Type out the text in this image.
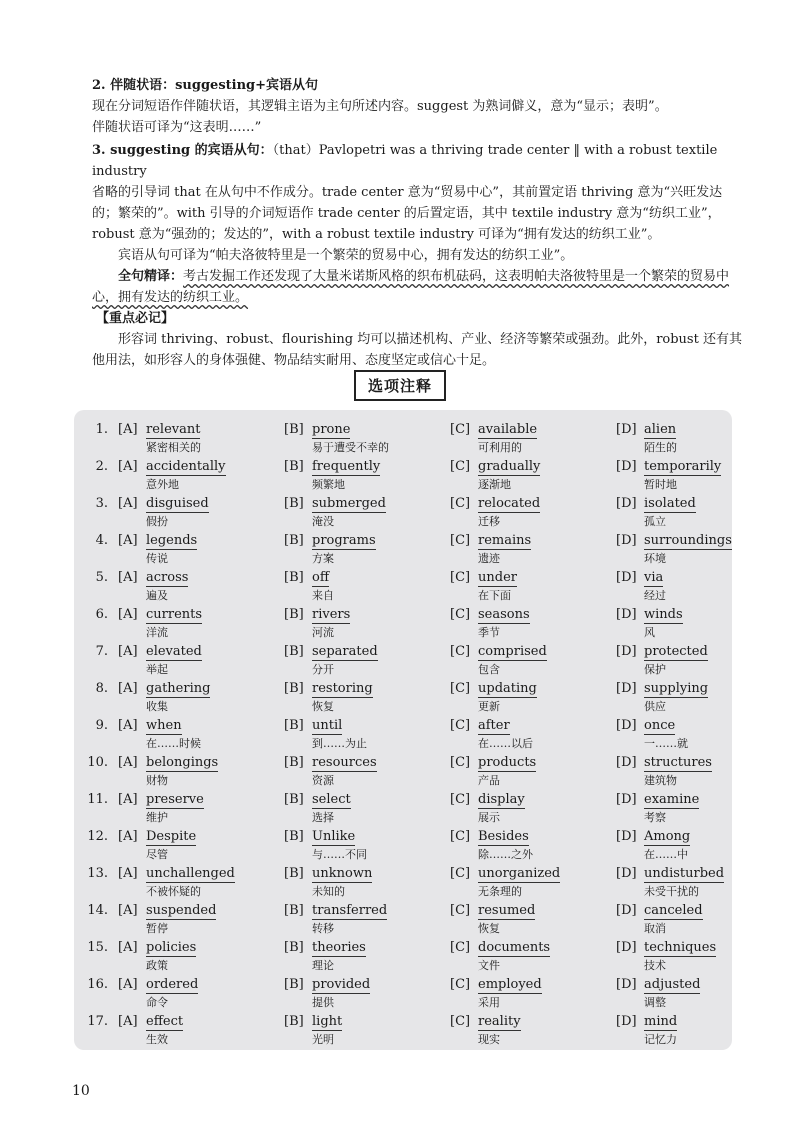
2. 伴随状语：suggesting+宾语从句

现在分词短语作伴随状语，其逻辑主语为主句所述内容。suggest 为熟词僻义，意为“显示；表明”。

伴随状语可译为“这表明……”

3. suggesting 的宾语从句：（that）Pavlopetri was a thriving trade center ‖ with a robust textile industry

省略的引导词 that 在从句中不作成分。trade center 意为“贸易中心”，其前置定语 thriving 意为“兴旺发达的；繁荣的”。with 引导的介词短语作 trade center 的后置定语，其中 textile industry 意为“纺织工业”，robust 意为“强劲的；发达的”，with a robust textile industry 可译为“拥有发达的纺织工业”。

宾语从句可译为“帕夫洛彼特里是一个繁荣的贸易中心，拥有发达的纺织工业”。

全句精译：考古发掘工作还发现了大量米诺斯风格的织布机砝码，这表明帕夫洛彼特里是一个繁荣的贸易中心，拥有发达的纺织工业。

【重点必记】

形容词 thriving、robust、flourishing 均可以描述机构、产业、经济等繁荣或强劲。此外，robust 还有其他用法，如形容人的身体强健、物品结实耐用、态度坚定或信心十足。

选项注释
1. [A] relevant
紧密相关的
[B] prone
易于遭受不幸的
[C] available
可利用的
[D] alien
陌生的
2. [A] accidentally
意外地
[B] frequently
频繁地
[C] gradually
逐渐地
[D] temporarily
暂时地
3. [A] disguised
假扮
[B] submerged
淹没
[C] relocated
迁移
[D] isolated
孤立
4. [A] legends
传说
[B] programs
方案
[C] remains
遗迹
[D] surroundings
环境
5. [A] across
遍及
[B] off
来自
[C] under
在下面
[D] via
经过
6. [A] currents
洋流
[B] rivers
河流
[C] seasons
季节
[D] winds
风
7. [A] elevated
举起
[B] separated
分开
[C] comprised
包含
[D] protected
保护
8. [A] gathering
收集
[B] restoring
恢复
[C] updating
更新
[D] supplying
供应
9. [A] when
在……时候
[B] until
到……为止
[C] after
在……以后
[D] once
一……就
10. [A] belongings
财物
[B] resources
资源
[C] products
产品
[D] structures
建筑物
11. [A] preserve
维护
[B] select
选择
[C] display
展示
[D] examine
考察
12. [A] Despite
尽管
[B] Unlike
与……不同
[C] Besides
除……之外
[D] Among
在……中
13. [A] unchallenged
不被怀疑的
[B] unknown
未知的
[C] unorganized
无条理的
[D] undisturbed
未受干扰的
14. [A] suspended
暂停
[B] transferred
转移
[C] resumed
恢复
[D] canceled
取消
15. [A] policies
政策
[B] theories
理论
[C] documents
文件
[D] techniques
技术
16. [A] ordered
命令
[B] provided
提供
[C] employed
采用
[D] adjusted
调整
17. [A] effect
生效
[B] light
光明
[C] reality
现实
[D] mind
记忆力
10
